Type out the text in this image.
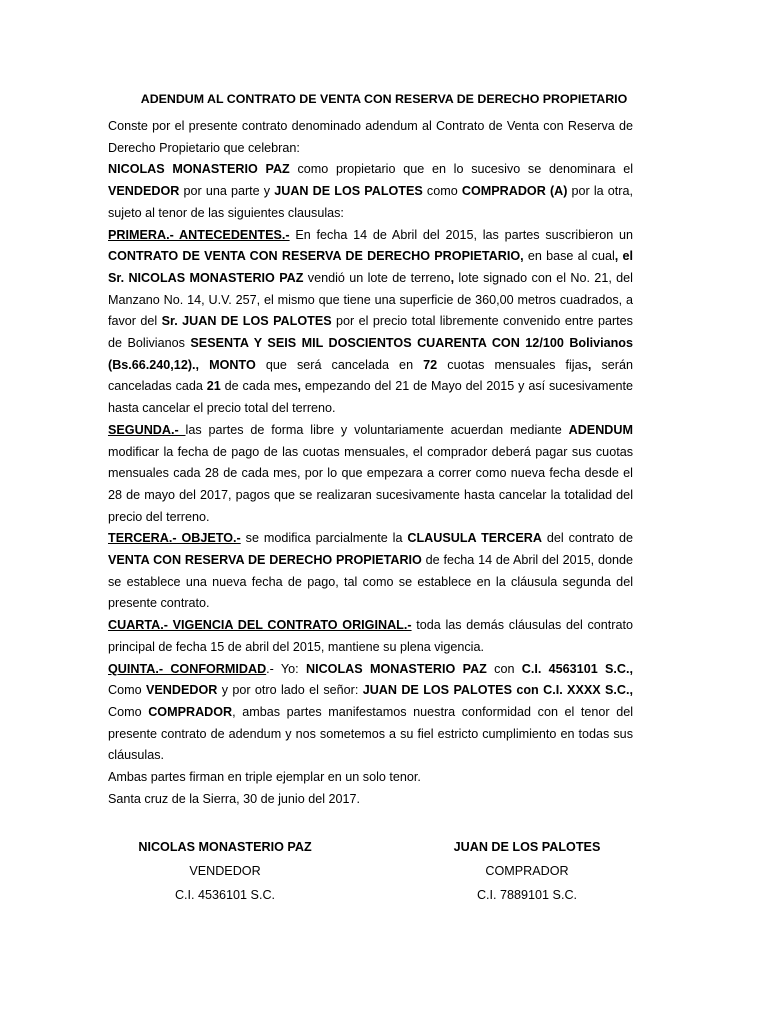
ADENDUM AL CONTRATO DE VENTA CON RESERVA DE DERECHO PROPIETARIO

Conste por el presente contrato denominado adendum al Contrato de Venta con Reserva de Derecho Propietario que celebran:

NICOLAS MONASTERIO PAZ como propietario que en lo sucesivo se denominara el VENDEDOR por una parte y JUAN DE LOS PALOTES como COMPRADOR (A) por la otra, sujeto al tenor de las siguientes clausulas:

PRIMERA.- ANTECEDENTES.- En fecha 14 de Abril del 2015, las partes suscribieron un CONTRATO DE VENTA CON RESERVA DE DERECHO PROPIETARIO, en base al cual, el Sr. NICOLAS MONASTERIO PAZ vendió un lote de terreno, lote signado con el No. 21, del Manzano No. 14, U.V. 257, el mismo que tiene una superficie de 360,00 metros cuadrados, a favor del Sr. JUAN DE LOS PALOTES por el precio total libremente convenido entre partes de Bolivianos SESENTA Y SEIS MIL DOSCIENTOS CUARENTA CON 12/100 Bolivianos (Bs.66.240,12)., MONTO que será cancelada en 72 cuotas mensuales fijas, serán canceladas cada 21 de cada mes, empezando del 21 de Mayo del 2015 y así sucesivamente hasta cancelar el precio total del terreno.

SEGUNDA.- las partes de forma libre y voluntariamente acuerdan mediante ADENDUM modificar la fecha de pago de las cuotas mensuales, el comprador deberá pagar sus cuotas mensuales cada 28 de cada mes, por lo que empezara a correr como nueva fecha desde el 28 de mayo del 2017, pagos que se realizaran sucesivamente hasta cancelar la totalidad del precio del terreno.

TERCERA.- OBJETO.- se modifica parcialmente la CLAUSULA TERCERA del contrato de VENTA CON RESERVA DE DERECHO PROPIETARIO de fecha 14 de Abril del 2015, donde se establece una nueva fecha de pago, tal como se establece en la cláusula segunda del presente contrato.

CUARTA.- VIGENCIA DEL CONTRATO ORIGINAL.- toda las demás cláusulas del contrato principal de fecha 15 de abril del 2015, mantiene su plena vigencia.

QUINTA.- CONFORMIDAD.- Yo: NICOLAS MONASTERIO PAZ con C.I. 4563101 S.C., Como VENDEDOR y por otro lado el señor: JUAN DE LOS PALOTES con C.I. XXXX S.C., Como COMPRADOR, ambas partes manifestamos nuestra conformidad con el tenor del presente contrato de adendum y nos sometemos a su fiel estricto cumplimiento en todas sus cláusulas.

Ambas partes firman en triple ejemplar en un solo tenor.

Santa cruz de la Sierra, 30 de junio del 2017.

NICOLAS MONASTERIO PAZ
VENDEDOR
C.I. 4536101 S.C.
JUAN DE LOS PALOTES
COMPRADOR
C.I. 7889101 S.C.
